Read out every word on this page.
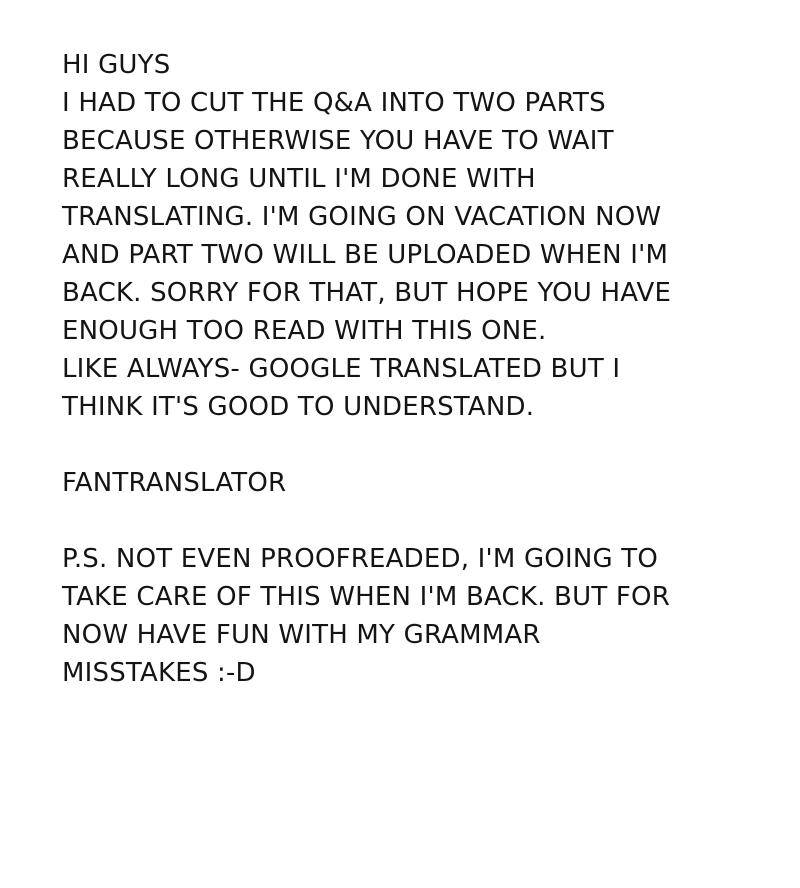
HI GUYS
I HAD TO CUT THE Q&A INTO TWO PARTS
BECAUSE OTHERWISE YOU HAVE TO WAIT
REALLY LONG UNTIL I'M DONE WITH
TRANSLATING. I'M GOING ON VACATION NOW
AND PART TWO WILL BE UPLOADED WHEN I'M
BACK. SORRY FOR THAT, BUT HOPE YOU HAVE
ENOUGH TOO READ WITH THIS ONE.
LIKE ALWAYS- GOOGLE TRANSLATED BUT I
THINK IT'S GOOD TO UNDERSTAND.
FANTRANSLATOR
P.S. NOT EVEN PROOFREADED, I'M GOING TO
TAKE CARE OF THIS WHEN I'M BACK. BUT FOR
NOW HAVE FUN WITH MY GRAMMAR
MISSTAKES :-D
